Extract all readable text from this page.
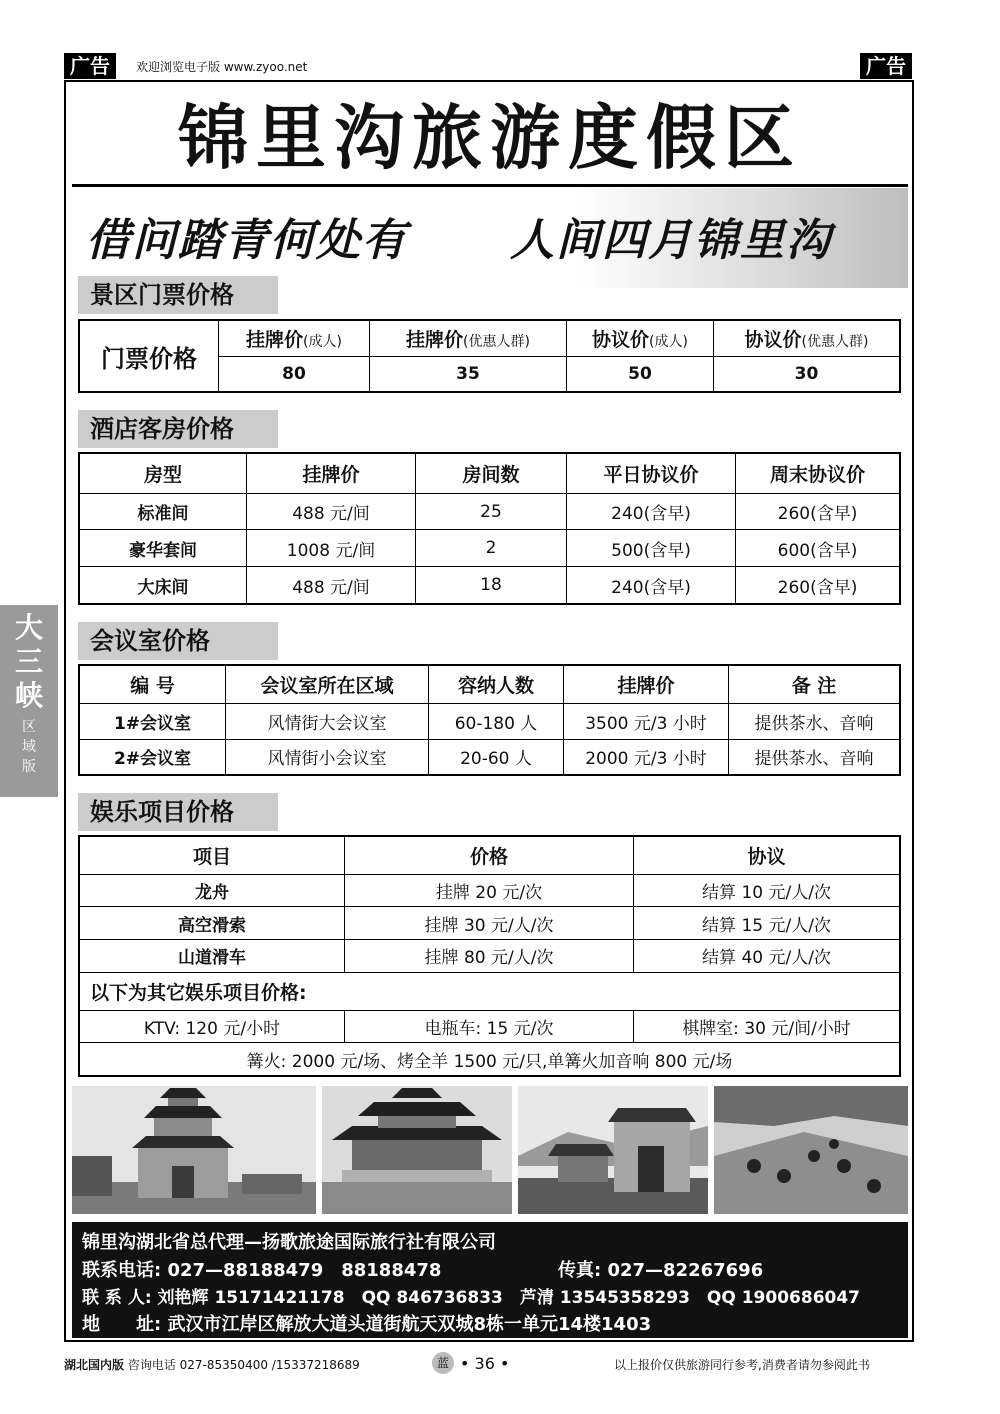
广告	欢迎浏览电子版 www.zyoo.net	广告
锦里沟旅游度假区
借问踏青何处有 人间四月锦里沟
景区门票价格
门票价格	挂牌价(成人)	挂牌价(优惠人群)	协议价(成人)	协议价(优惠人群)
	80	35	50	30
酒店客房价格
房型	挂牌价	房间数	平日协议价	周末协议价
标准间	488 元/间	25	240(含早)	260(含早)
豪华套间	1008 元/间	2	500(含早)	600(含早)
大床间	488 元/间	18	240(含早)	260(含早)
会议室价格
编 号	会议室所在区域	容纳人数	挂牌价	备 注
1#会议室	风情街大会议室	60-180 人	3500 元/3 小时	提供茶水、音响
2#会议室	风情街小会议室	20-60 人	2000 元/3 小时	提供茶水、音响
娱乐项目价格
项目	价格	协议
龙舟	挂牌 20 元/次	结算 10 元/人/次
高空滑索	挂牌 30 元/人/次	结算 15 元/人/次
山道滑车	挂牌 80 元/人/次	结算 40 元/人/次
以下为其它娱乐项目价格:		
KTV: 120 元/小时	电瓶车: 15 元/次	棋牌室: 30 元/间/小时
篝火: 2000 元/场、烤全羊 1500 元/只,单篝火加音响 800 元/场		
大
三
峡
区
域
版
锦里沟湖北省总代理—扬歌旅途国际旅行社有限公司
联系电话: 027—88188479　88188478	传真: 027—82267696
联 系 人: 刘艳辉 15171421178　QQ 846736833　芦清 13545358293　QQ 1900686047
地　　址: 武汉市江岸区解放大道头道街航天双城8栋一单元14楼1403
湖北国内版 咨询电话 027-85350400 /15337218689	蓝 • 36 •	以上报价仅供旅游同行参考,消费者请勿参阅此书
